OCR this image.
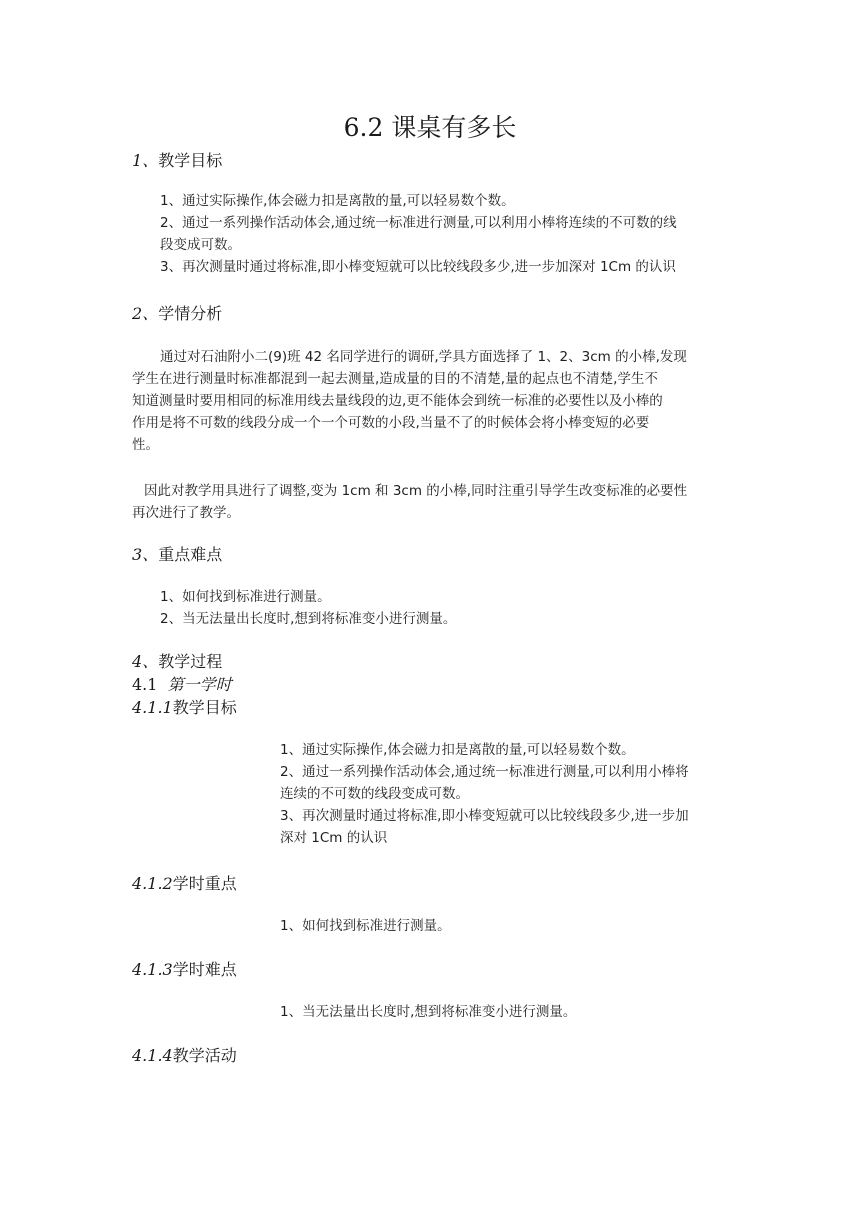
6.2 课桌有多长
1、教学目标
1、通过实际操作,体会磁力扣是离散的量,可以轻易数个数。
2、通过一系列操作活动体会,通过统一标准进行测量,可以利用小棒将连续的不可数的线
段变成可数。
3、再次测量时通过将标准,即小棒变短就可以比较线段多少,进一步加深对 1Cm 的认识
2、学情分析
通过对石油附小二(9)班 42 名同学进行的调研,学具方面选择了 1、2、3cm 的小棒,发现
学生在进行测量时标准都混到一起去测量,造成量的目的不清楚,量的起点也不清楚,学生不
知道测量时要用相同的标准用线去量线段的边,更不能体会到统一标准的必要性以及小棒的
作用是将不可数的线段分成一个一个可数的小段,当量不了的时候体会将小棒变短的必要
性。
因此对教学用具进行了调整,变为 1cm 和 3cm 的小棒,同时注重引导学生改变标准的必要性
再次进行了教学。
3、重点难点
1、如何找到标准进行测量。
2、当无法量出长度时,想到将标准变小进行测量。
4、教学过程
4.1 第一学时
4.1.1教学目标
1、通过实际操作,体会磁力扣是离散的量,可以轻易数个数。
2、通过一系列操作活动体会,通过统一标准进行测量,可以利用小棒将
连续的不可数的线段变成可数。
3、再次测量时通过将标准,即小棒变短就可以比较线段多少,进一步加
深对 1Cm 的认识
4.1.2学时重点
1、如何找到标准进行测量。
4.1.3学时难点
1、当无法量出长度时,想到将标准变小进行测量。
4.1.4教学活动
